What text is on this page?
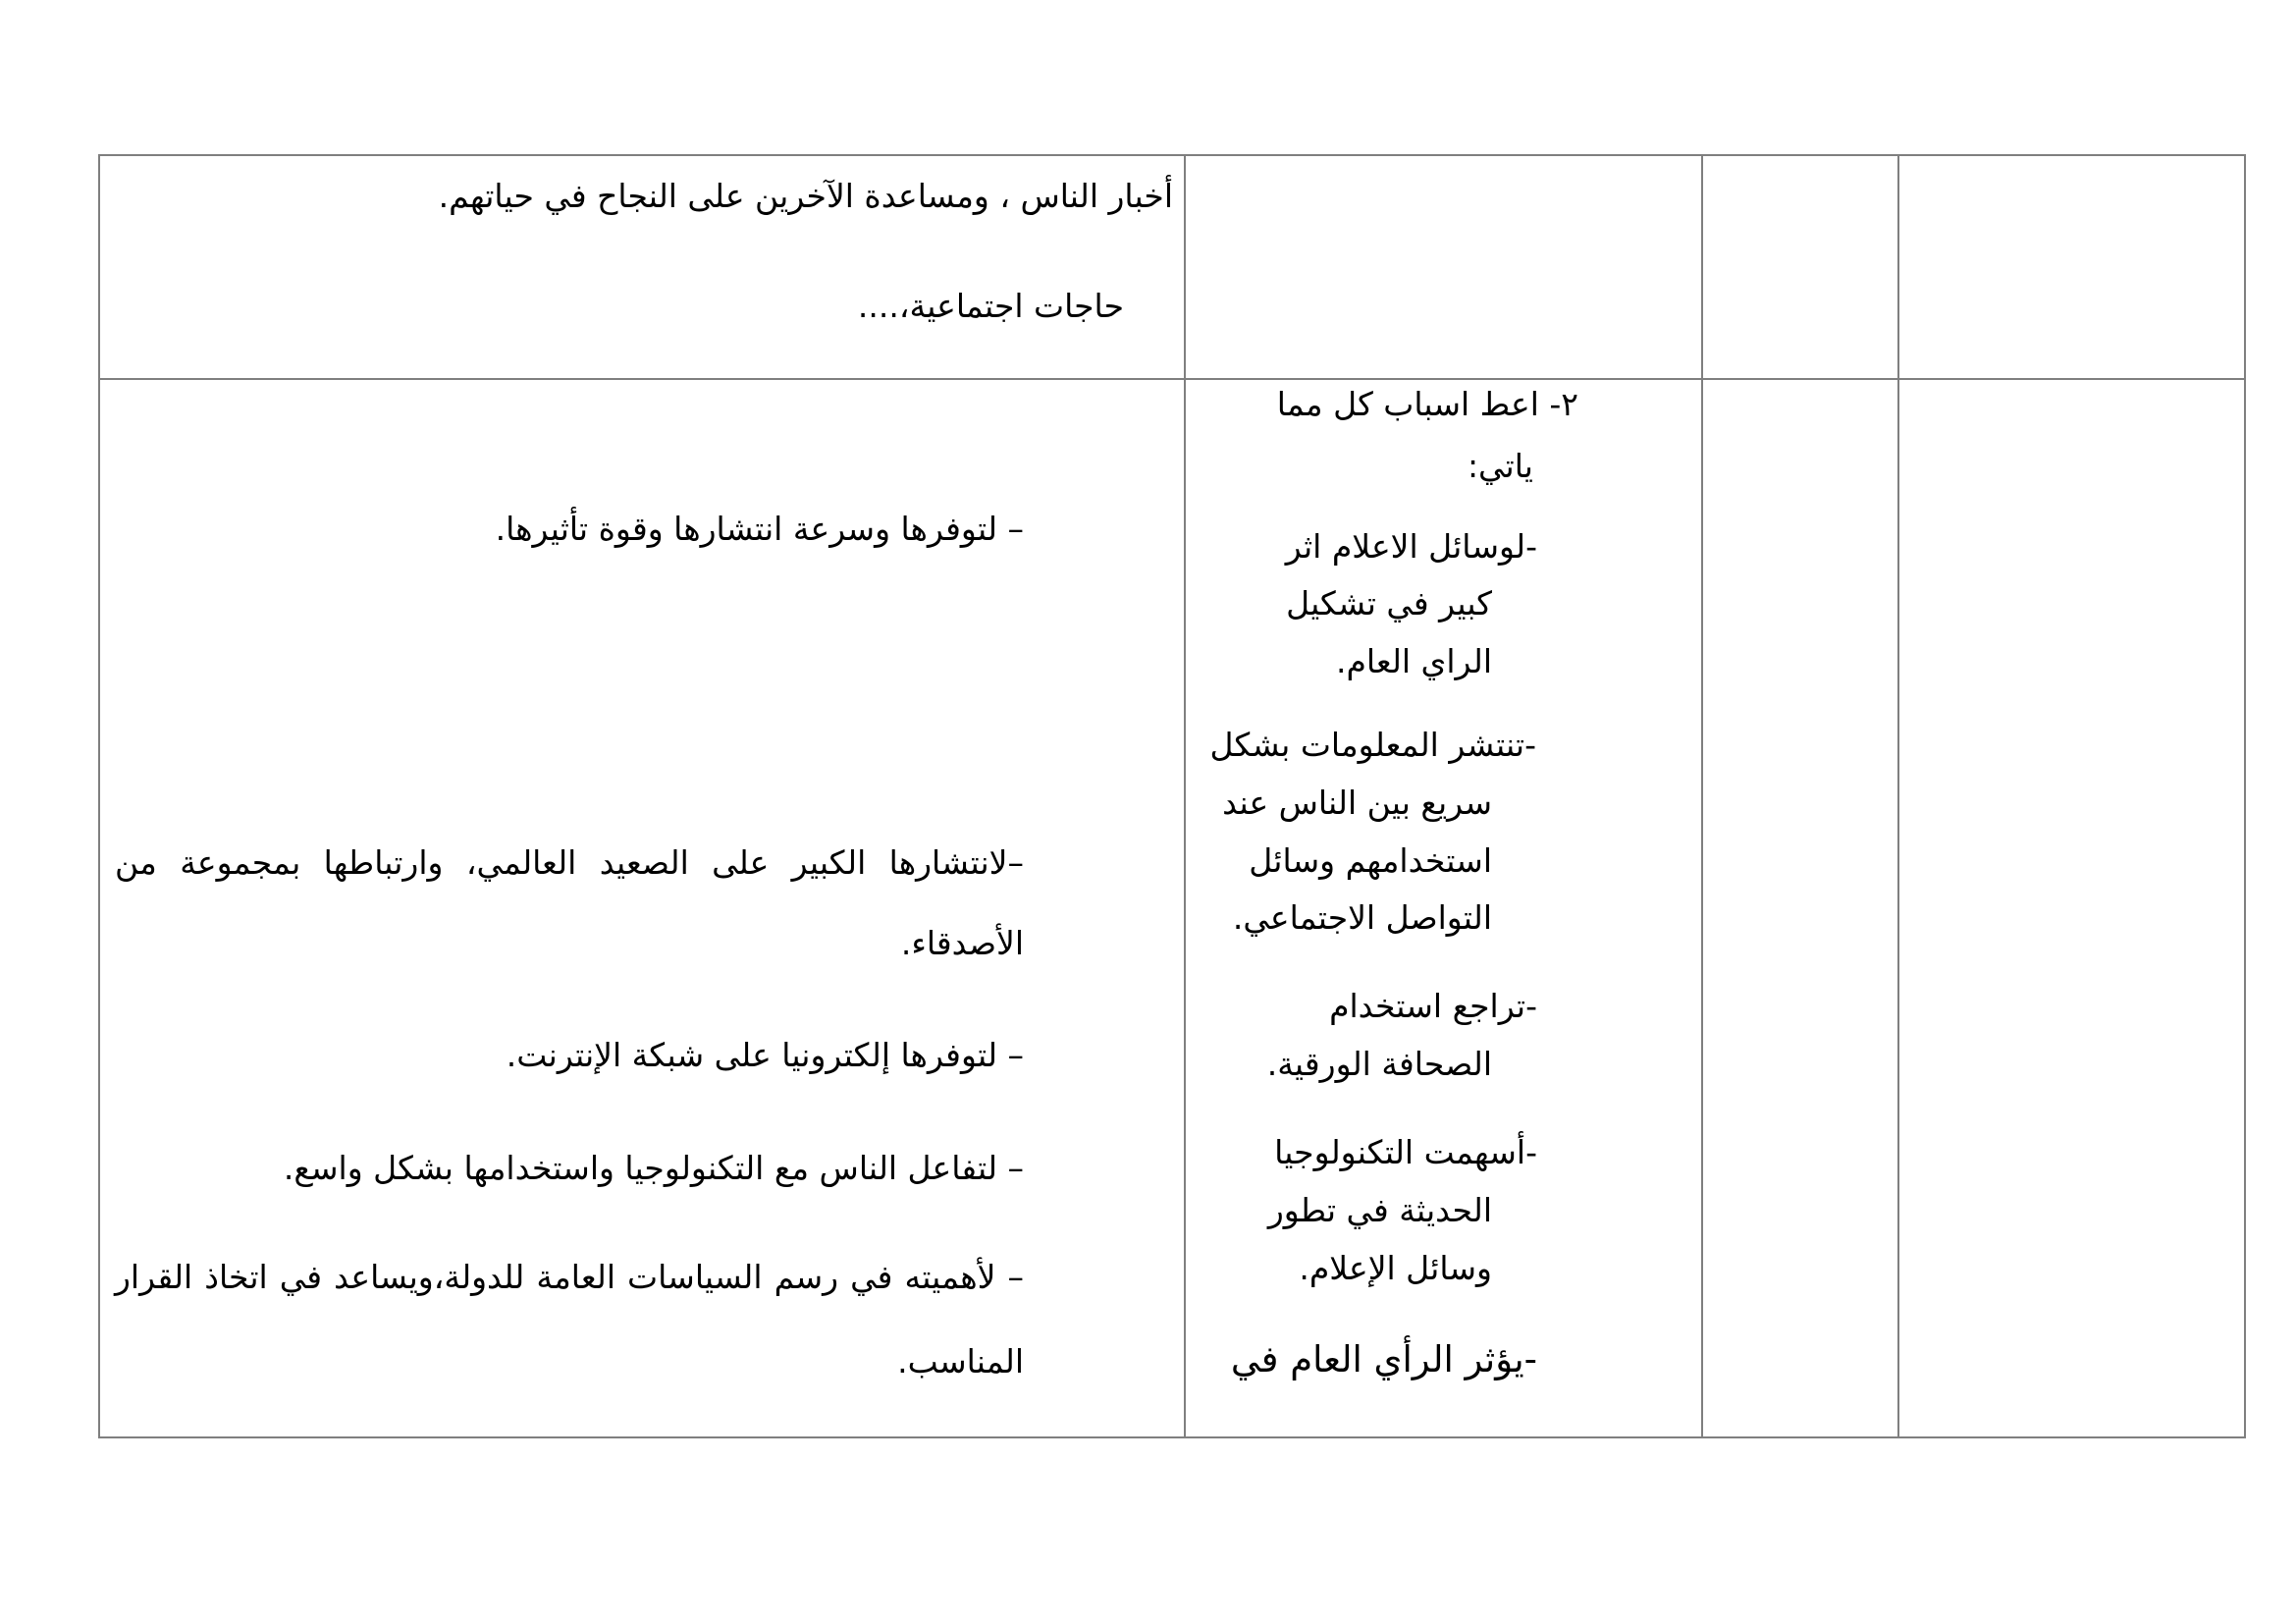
أخبار الناس ، ومساعدة الآخرين على النجاح في حياتهم.
حاجات اجتماعية،....
٢- اعط اسباب كل مما
ياتي:
-لوسائل الاعلام اثر
كبير في تشكيل
الراي العام.
-تنتشر المعلومات بشكل
سريع بين الناس عند
استخدامهم وسائل
التواصل الاجتماعي.
-تراجع استخدام
الصحافة الورقية.
-أسهمت التكنولوجيا
الحديثة في تطور
وسائل الإعلام.
-يؤثر الرأي العام في
– لتوفرها وسرعة انتشارها وقوة تأثيرها.
–لانتشارها الكبير على الصعيد العالمي، وارتباطها بمجموعة من
الأصدقاء.
– لتوفرها إلكترونيا على شبكة الإنترنت.
– لتفاعل الناس مع التكنولوجيا واستخدامها بشكل واسع.
– لأهميته في رسم السياسات العامة للدولة،ويساعد في اتخاذ القرار
المناسب.
